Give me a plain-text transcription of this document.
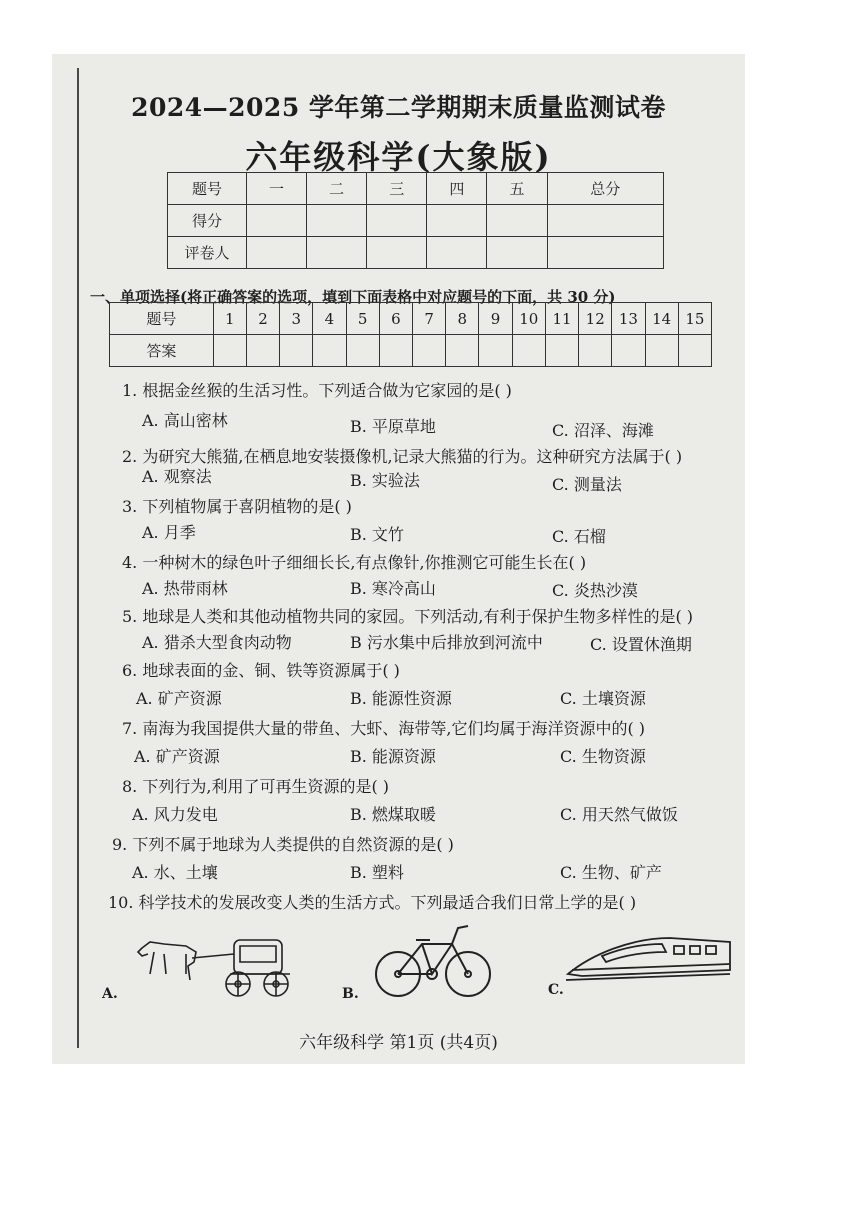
2024—2025 学年第二学期期末质量监测试卷
六年级科学(大象版)
题号	一	二	三	四	五	总分
得分						
评卷人						
一、单项选择(将正确答案的选项，填到下面表格中对应题号的下面，共 30 分)
题号	1	2	3	4	5	6	7	8	9	10	11	12	13	14	15
答案															
1. 根据金丝猴的生活习性。下列适合做为它家园的是( )
A. 高山密林	B. 平原草地	C. 沼泽、海滩
2. 为研究大熊猫,在栖息地安装摄像机,记录大熊猫的行为。这种研究方法属于( )
A. 观察法	B. 实验法	C. 测量法
3. 下列植物属于喜阴植物的是( )
A. 月季	B. 文竹	C. 石榴
4. 一种树木的绿色叶子细细长长,有点像针,你推测它可能生长在( )
A. 热带雨林	B. 寒冷高山	C. 炎热沙漠
5. 地球是人类和其他动植物共同的家园。下列活动,有利于保护生物多样性的是( )
A. 猎杀大型食肉动物	B 污水集中后排放到河流中	C. 设置休渔期
6. 地球表面的金、铜、铁等资源属于( )
A. 矿产资源	B. 能源性资源	C. 土壤资源
7. 南海为我国提供大量的带鱼、大虾、海带等,它们均属于海洋资源中的( )
A. 矿产资源	B. 能源资源	C. 生物资源
8. 下列行为,利用了可再生资源的是( )
A. 风力发电	B. 燃煤取暖	C. 用天然气做饭
9. 下列不属于地球为人类提供的自然资源的是( )
A. 水、土壤	B. 塑料	C. 生物、矿产
10. 科学技术的发展改变人类的生活方式。下列最适合我们日常上学的是( )
A.	B.	C.
六年级科学 第1页 (共4页)
